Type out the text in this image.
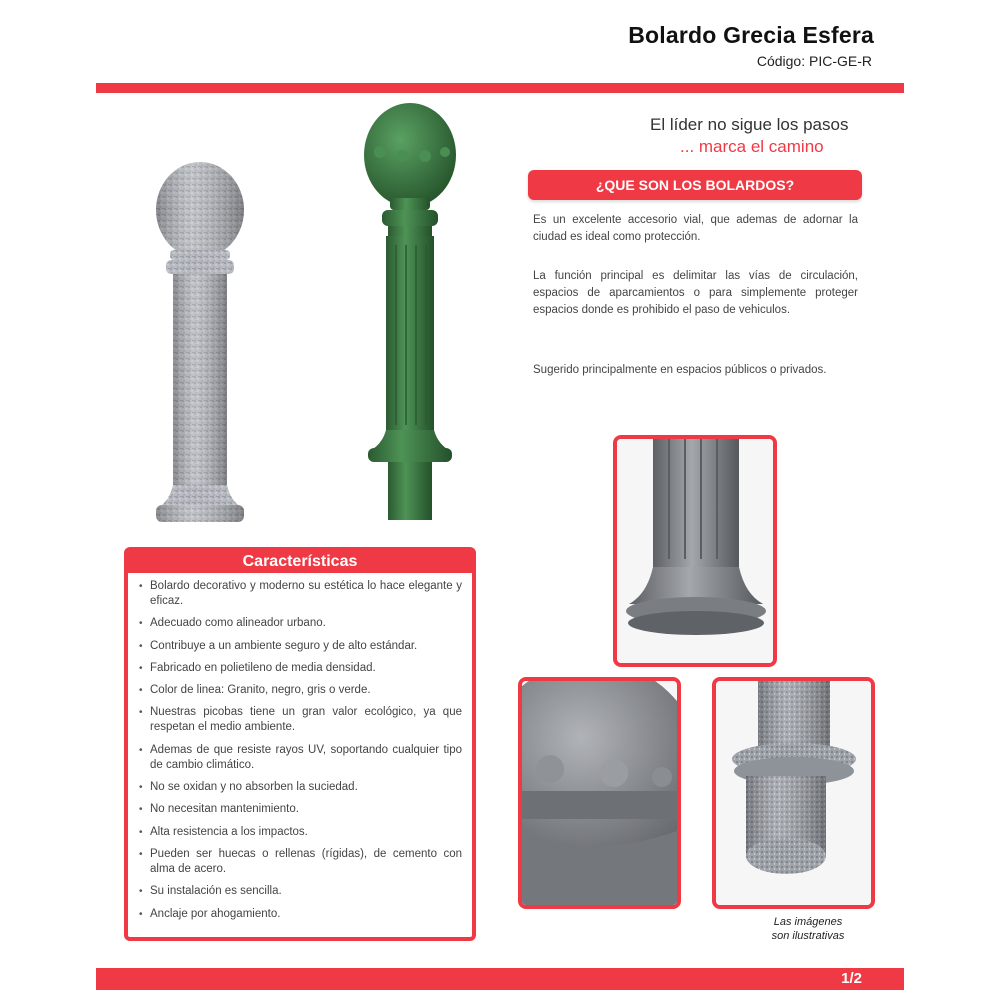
Bolardo Grecia Esfera
Código: PIC-GE-R
El líder no sigue los pasos
... marca el camino
¿QUE SON LOS BOLARDOS?

Es un excelente accesorio vial, que ademas de adornar la ciudad es ideal como protección.

La función principal es delimitar las vías de circulación, espacios de aparcamientos o para simplemente proteger espacios donde es prohibido el paso de vehiculos.

Sugerido principalmente en espacios públicos o privados.

Características
• Bolardo decorativo y moderno su estética lo hace elegante y eficaz.
• Adecuado como alineador urbano.
• Contribuye a un ambiente seguro y de alto estándar.
• Fabricado en polietileno de media densidad.
• Color de linea: Granito, negro, gris o verde.
• Nuestras picobas tiene un gran valor ecológico, ya que respetan el medio ambiente.
• Ademas de que resiste rayos UV, soportando cualquier tipo de cambio climático.
• No se oxidan y no absorben la suciedad.
• No necesitan mantenimiento.
• Alta resistencia a los impactos.
• Pueden ser huecas o rellenas (rígidas), de cemento con alma de acero.
• Su instalación es sencilla.
• Anclaje por ahogamiento.
Las imágenes
son ilustrativas
1/2
